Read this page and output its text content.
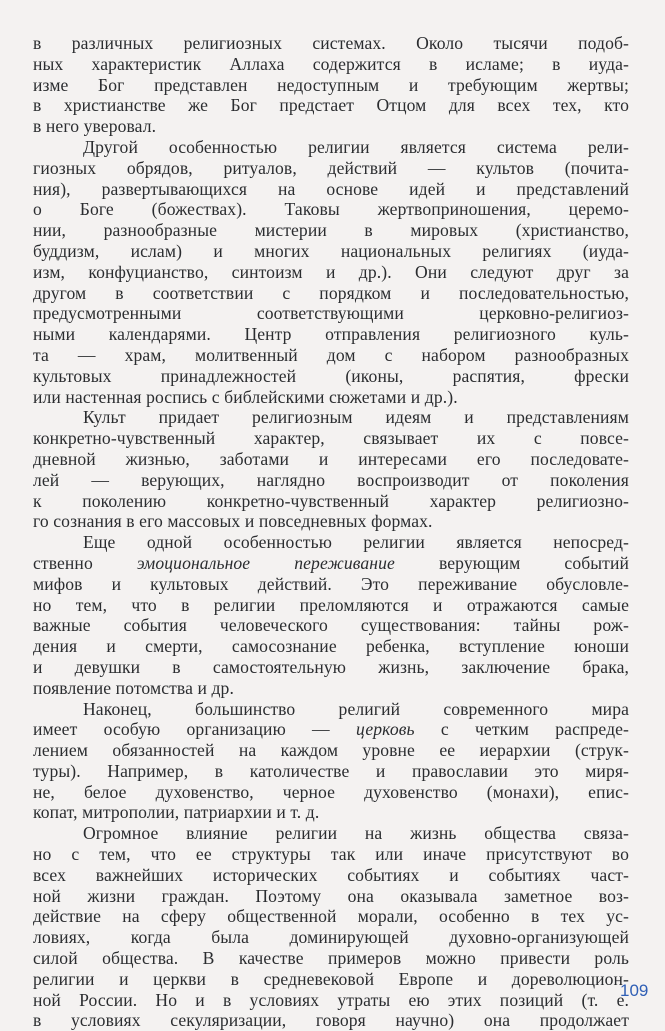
в различных религиозных системах. Около тысячи подоб-
ных характеристик Аллаха содержится в исламе; в иуда-
изме Бог представлен недоступным и требующим жертвы;
в христианстве же Бог предстает Отцом для всех тех, кто
в него уверовал.
Другой особенностью религии является система рели-
гиозных обрядов, ритуалов, действий — культов (почита-
ния), развертывающихся на основе идей и представлений
о Боге (божествах). Таковы жертвоприношения, церемо-
нии, разнообразные мистерии в мировых (христианство,
буддизм, ислам) и многих национальных религиях (иуда-
изм, конфуцианство, синтоизм и др.). Они следуют друг за
другом в соответствии с порядком и последовательностью,
предусмотренными соответствующими церковно-религиоз-
ными календарями. Центр отправления религиозного куль-
та — храм, молитвенный дом с набором разнообразных
культовых принадлежностей (иконы, распятия, фрески
или настенная роспись с библейскими сюжетами и др.).
Культ придает религиозным идеям и представлениям
конкретно-чувственный характер, связывает их с повсе-
дневной жизнью, заботами и интересами его последовате-
лей — верующих, наглядно воспроизводит от поколения
к поколению конкретно-чувственный характер религиозно-
го сознания в его массовых и повседневных формах.
Еще одной особенностью религии является непосред-
ственно эмоциональное переживание верующим событий
мифов и культовых действий. Это переживание обусловле-
но тем, что в религии преломляются и отражаются самые
важные события человеческого существования: тайны рож-
дения и смерти, самосознание ребенка, вступление юноши
и девушки в самостоятельную жизнь, заключение брака,
появление потомства и др.
Наконец, большинство религий современного мира
имеет особую организацию — церковь с четким распреде-
лением обязанностей на каждом уровне ее иерархии (струк-
туры). Например, в католичестве и православии это миря-
не, белое духовенство, черное духовенство (монахи), епис-
копат, митрополии, патриархии и т. д.
Огромное влияние религии на жизнь общества связа-
но с тем, что ее структуры так или иначе присутствуют во
всех важнейших исторических событиях и событиях част-
ной жизни граждан. Поэтому она оказывала заметное воз-
действие на сферу общественной морали, особенно в тех ус-
ловиях, когда была доминирующей духовно-организующей
силой общества. В качестве примеров можно привести роль
религии и церкви в средневековой Европе и дореволюцион-
ной России. Но и в условиях утраты ею этих позиций (т. е.
в условиях секуляризации, говоря научно) она продолжает
109
